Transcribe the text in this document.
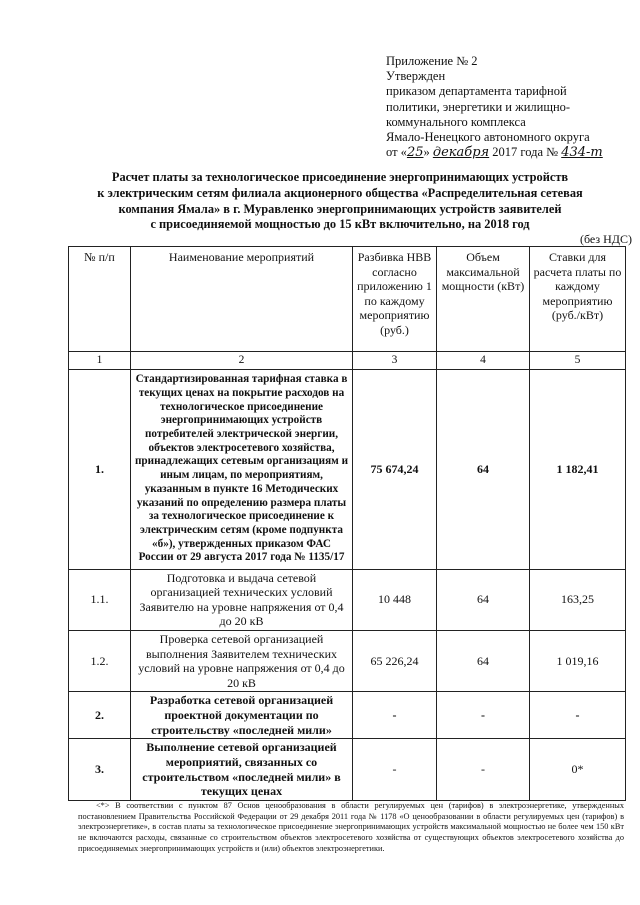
Приложение № 2
Утвержден
приказом департамента тарифной
политики, энергетики и жилищно-
коммунального комплекса
Ямало-Ненецкого автономного округа
от «25» декабря 2017 года № 434-т
Расчет платы за технологическое присоединение энергопринимающих устройств
к электрическим сетям филиала акционерного общества «Распределительная сетевая
компания Ямала» в г. Муравленко энергопринимающих устройств заявителей
с присоединяемой мощностью до 15 кВт включительно, на 2018 год
(без НДС)
№ п/п	Наименование мероприятий	Разбивка НВВ согласно приложению 1 по каждому мероприятию (руб.)	Объем максимальной мощности (кВт)	Ставки для расчета платы по каждому мероприятию (руб./кВт)
1	2	3	4	5
1.	Стандартизированная тарифная ставка в текущих ценах на покрытие расходов на технологическое присоединение энергопринимающих устройств потребителей электрической энергии, объектов электросетевого хозяйства, принадлежащих сетевым организациям и иным лицам, по мероприятиям, указанным в пункте 16 Методических указаний по определению размера платы за технологическое присоединение к электрическим сетям (кроме подпункта «б»), утвержденных приказом ФАС России от 29 августа 2017 года № 1135/17	75 674,24	64	1 182,41
1.1.	Подготовка и выдача сетевой организацией технических условий Заявителю на уровне напряжения от 0,4 до 20 кВ	10 448	64	163,25
1.2.	Проверка сетевой организацией выполнения Заявителем технических условий на уровне напряжения от 0,4 до 20 кВ	65 226,24	64	1 019,16
2.	Разработка сетевой организацией проектной документации по строительству «последней мили»	-	-	-
3.	Выполнение сетевой организацией мероприятий, связанных со строительством «последней мили» в текущих ценах	-	-	0*
<*> В соответствии с пунктом 87 Основ ценообразования в области регулируемых цен (тарифов) в электроэнергетике, утвержденных постановлением Правительства Российской Федерации от 29 декабря 2011 года № 1178 «О ценообразовании в области регулируемых цен (тарифов) в электроэнергетике», в состав платы за технологическое присоединение энергопринимающих устройств максимальной мощностью не более чем 150 кВт не включаются расходы, связанные со строительством объектов электросетевого хозяйства от существующих объектов электросетевого хозяйства до присоединяемых энергопринимающих устройств и (или) объектов электроэнергетики.
